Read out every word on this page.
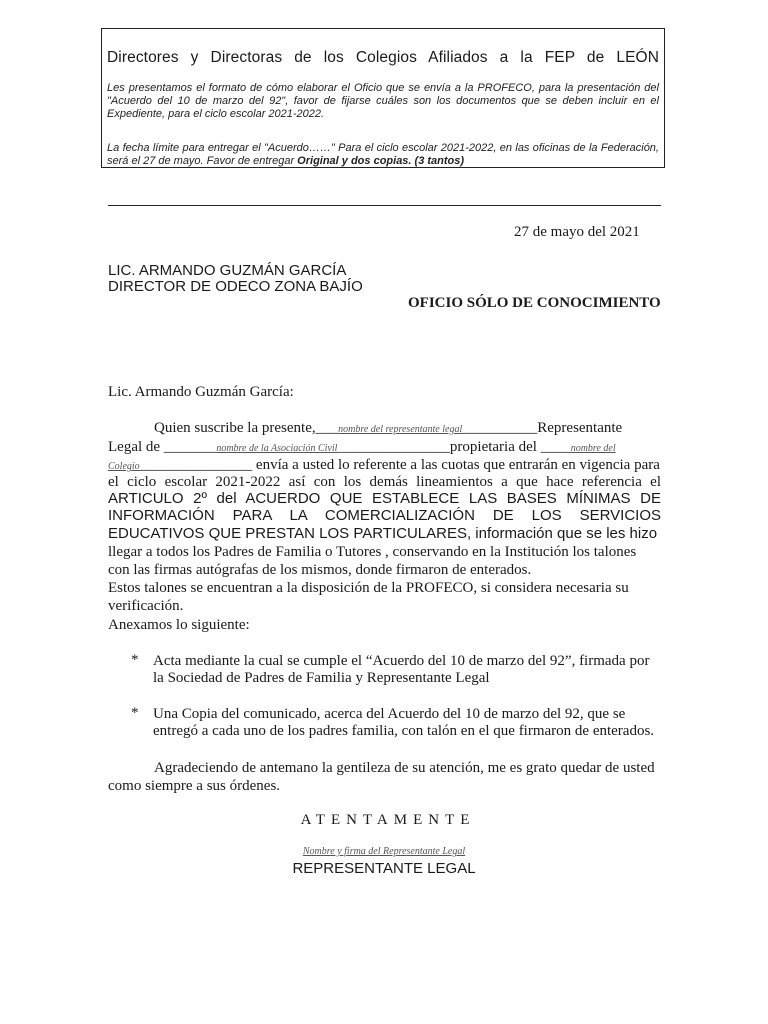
Directores y Directoras de los Colegios Afiliados a la FEP de LEÓN
Les presentamos el formato de cómo elaborar el Oficio que se envía a la PROFECO, para la presentación del "Acuerdo del 10 de marzo del 92", favor de fijarse cuáles son los documentos que se deben incluir en el Expediente, para el ciclo escolar 2021-2022.
La fecha límite para entregar el "Acuerdo……" Para el ciclo escolar 2021-2022, en las oficinas de la Federación, será el 27 de mayo. Favor de entregar Original y dos copias. (3 tantos)
27 de mayo del 2021
LIC. ARMANDO GUZMÁN GARCÍA
DIRECTOR DE ODECO ZONA BAJÍO
OFICIO SÓLO DE CONOCIMIENTO
Lic. Armando Guzmán García:
Quien suscribe la presente,___nombre del representante legal__________Representante
Legal de _______nombre de la Asociación Civil_______________propietaria del ____nombre del
Colegio_______________ envía a usted lo referente a las cuotas que entrarán en vigencia para
el ciclo escolar 2021-2022 así con los demás lineamientos a que hace referencia el
ARTICULO 2º del ACUERDO QUE ESTABLECE LAS BASES MÍNIMAS DE
INFORMACIÓN PARA LA COMERCIALIZACIÓN DE LOS SERVICIOS
EDUCATIVOS QUE PRESTAN LOS PARTICULARES, información que se les hizo
llegar a todos los Padres de Familia o Tutores , conservando en la Institución los talones
con las firmas autógrafas de los mismos, donde firmaron de enterados.
Estos talones se encuentran a la disposición de la PROFECO, si considera necesaria su
verificación.
Anexamos lo siguiente:
* Acta mediante la cual se cumple el “Acuerdo del 10 de marzo del 92”, firmada por
la Sociedad de Padres de Familia y Representante Legal
* Una Copia del comunicado, acerca del Acuerdo del 10 de marzo del 92, que se
entregó a cada uno de los padres familia, con talón en el que firmaron de enterados.
Agradeciendo de antemano la gentileza de su atención, me es grato quedar de usted
como siempre a sus órdenes.
ATENTAMENTE
Nombre y firma del Representante Legal
REPRESENTANTE LEGAL
